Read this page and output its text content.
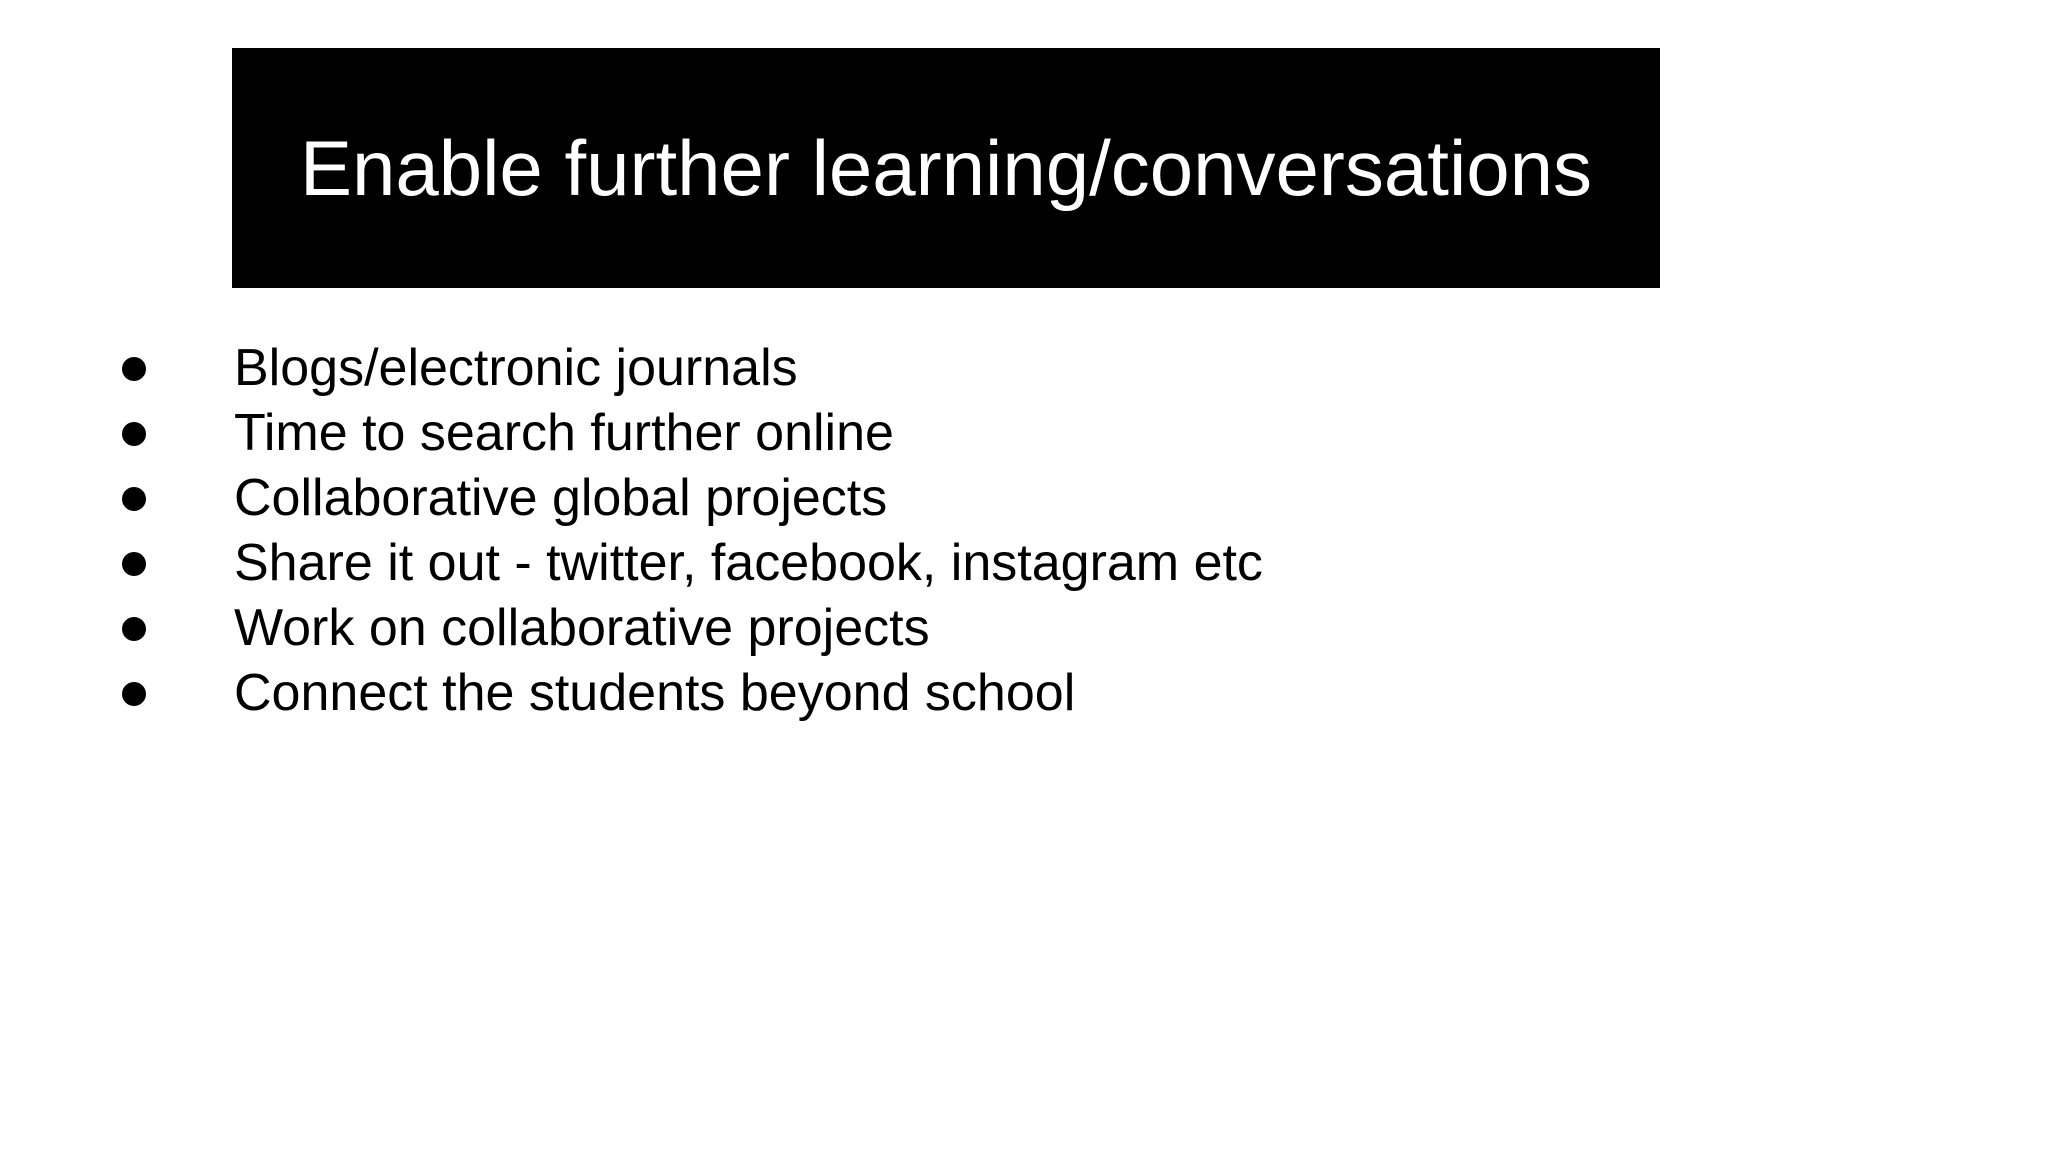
Enable further learning/conversations
Blogs/electronic journals
Time to search further online
Collaborative global projects
Share it out - twitter, facebook, instagram etc
Work on collaborative projects
Connect the students beyond school
